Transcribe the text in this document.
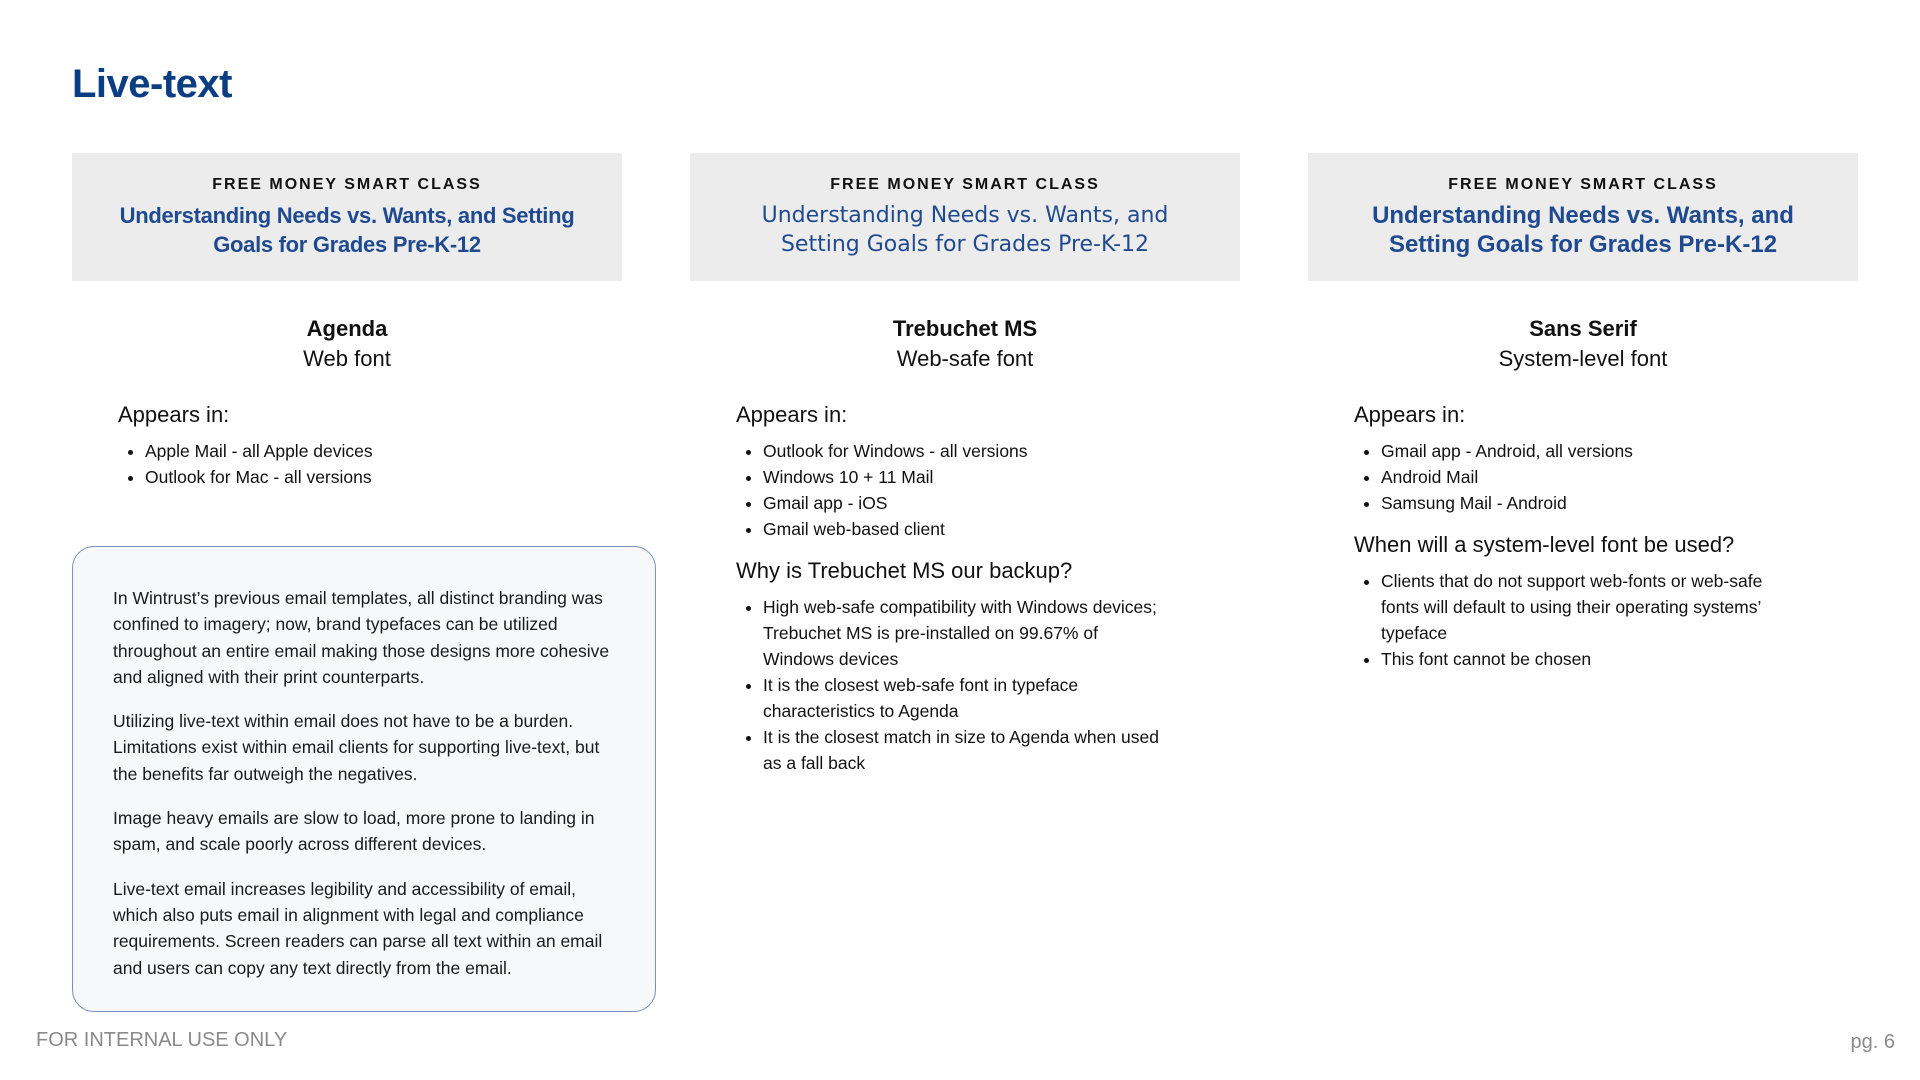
Live-text
FREE MONEY SMART CLASS
Understanding Needs vs. Wants, and Setting Goals for Grades Pre-K-12
Agenda
Web font
Appears in:
• Apple Mail - all Apple devices
• Outlook for Mac - all versions
FREE MONEY SMART CLASS
Understanding Needs vs. Wants, and Setting Goals for Grades Pre-K-12
Trebuchet MS
Web-safe font
Appears in:
• Outlook for Windows - all versions
• Windows 10 + 11 Mail
• Gmail app - iOS
• Gmail web-based client
Why is Trebuchet MS our backup?
• High web-safe compatibility with Windows devices; Trebuchet MS is pre-installed on 99.67% of Windows devices
• It is the closest web-safe font in typeface characteristics to Agenda
• It is the closest match in size to Agenda when used as a fall back
FREE MONEY SMART CLASS
Understanding Needs vs. Wants, and Setting Goals for Grades Pre-K-12
Sans Serif
System-level font
Appears in:
• Gmail app - Android, all versions
• Android Mail
• Samsung Mail - Android
When will a system-level font be used?
• Clients that do not support web-fonts or web-safe fonts will default to using their operating systems’ typeface
• This font cannot be chosen

In Wintrust’s previous email templates, all distinct branding was confined to imagery; now, brand typefaces can be utilized throughout an entire email making those designs more cohesive and aligned with their print counterparts.

Utilizing live-text within email does not have to be a burden. Limitations exist within email clients for supporting live-text, but the benefits far outweigh the negatives.

Image heavy emails are slow to load, more prone to landing in spam, and scale poorly across different devices.

Live-text email increases legibility and accessibility of email, which also puts email in alignment with legal and compliance requirements. Screen readers can parse all text within an email and users can copy any text directly from the email.

FOR INTERNAL USE ONLY	pg. 6
